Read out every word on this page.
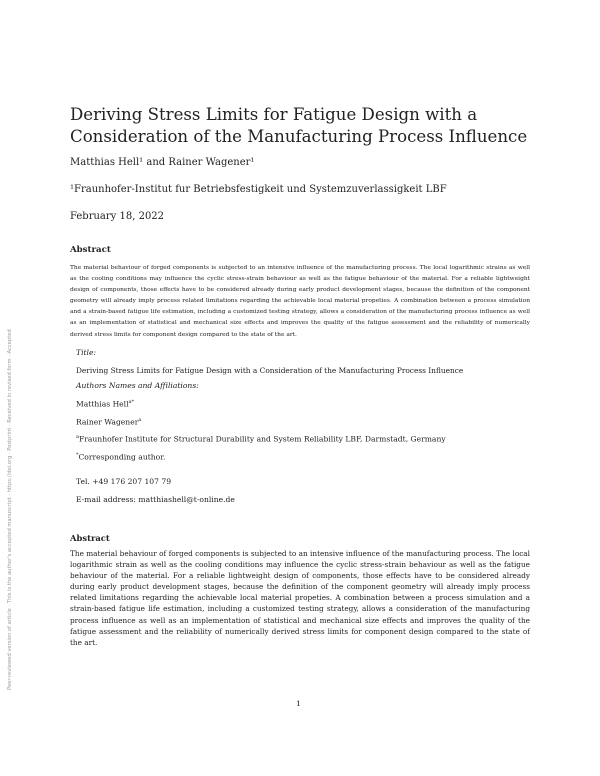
Peer-reviewed version of article · This is the author's accepted manuscript · https://doi.org · Postprint · Received in revised form · Accepted
Deriving Stress Limits for Fatigue Design with a Consideration of the Manufacturing Process Influence
Matthias Hell¹ and Rainer Wagener¹
¹Fraunhofer-Institut fur Betriebsfestigkeit und Systemzuverlassigkeit LBF
February 18, 2022
Abstract
The material behaviour of forged components is subjected to an intensive influence of the manufacturing process. The local logarithmic strains as well as the cooling conditions may influence the cyclic stress-strain behaviour as well as the fatigue behaviour of the material. For a reliable lightweight design of components, those effects have to be considered already during early product development stages, because the definition of the component geometry will already imply process related limitations regarding the achievable local material propeties. A combination between a process simulation and a strain-based fatigue life estimation, including a customized testing strategy, allows a consideration of the manufacturing process influence as well as an implementation of statistical and mechanical size effects and improves the quality of the fatigue assessment and the reliability of numerically derived stress limits for component design compared to the state of the art.
Title:
Deriving Stress Limits for Fatigue Design with a Consideration of the Manufacturing Process Influence
Authors Names and Affiliations:
Matthias Hell$^{a*}$
Rainer Wagener$^a$
$^a$Fraunhofer Institute for Structural Durability and System Reliability LBF, Darmstadt, Germany
*Corresponding author.
Tel. +49 176 207 107 79
E-mail address: matthiashell@t-online.de
Abstract
The material behaviour of forged components is subjected to an intensive influence of the manufacturing process. The local logarithmic strain as well as the cooling conditions may influence the cyclic stress-strain behaviour as well as the fatigue behaviour of the material. For a reliable lightweight design of components, those effects have to be considered already during early product development stages, because the definition of the component geometry will already imply process related limitations regarding the achievable local material propeties. A combination between a process simulation and a strain-based fatigue life estimation, including a customized testing strategy, allows a consideration of the manufacturing process influence as well as an implementation of statistical and mechanical size effects and improves the quality of the fatigue assessment and the reliability of numerically derived stress limits for component design compared to the state of the art.
1
